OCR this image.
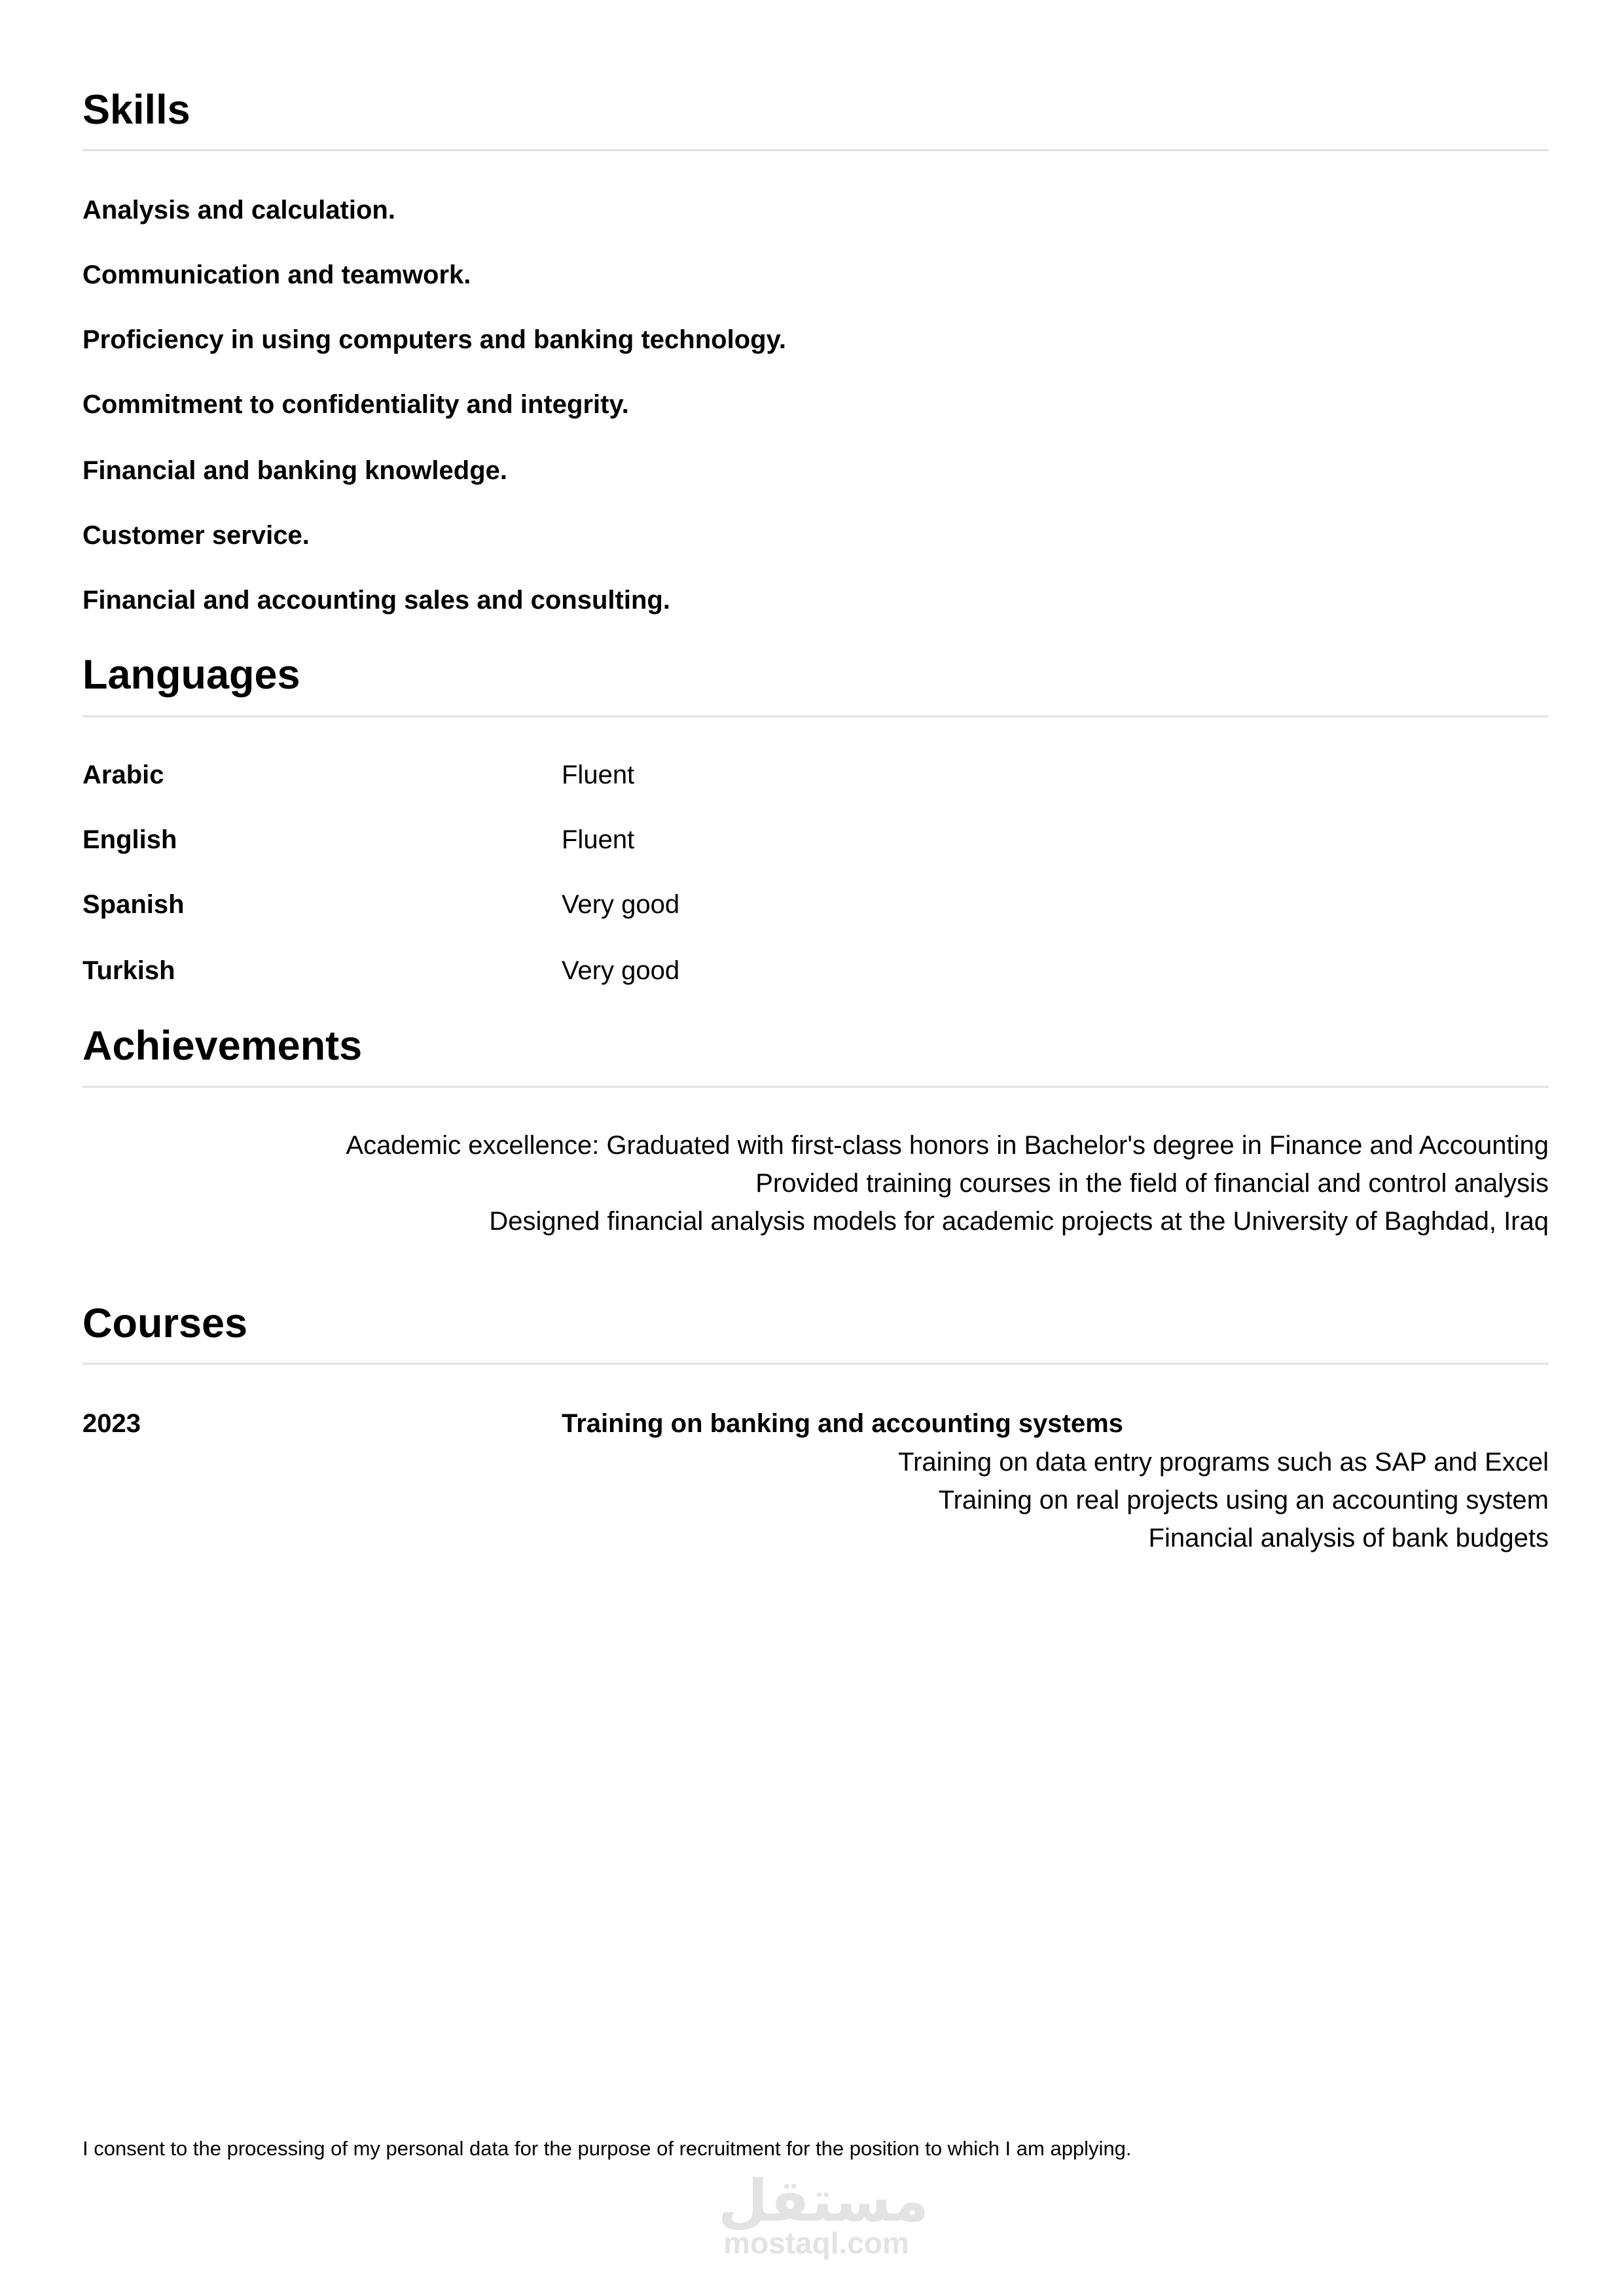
Skills
Analysis and calculation.
Communication and teamwork.
Proficiency in using computers and banking technology.
Commitment to confidentiality and integrity.
Financial and banking knowledge.
Customer service.
Financial and accounting sales and consulting.
Languages
Arabic	Fluent
English	Fluent
Spanish	Very good
Turkish	Very good
Achievements
Academic excellence: Graduated with first-class honors in Bachelor's degree in Finance and Accounting
Provided training courses in the field of financial and control analysis
Designed financial analysis models for academic projects at the University of Baghdad, Iraq
Courses
2023	Training on banking and accounting systems
Training on data entry programs such as SAP and Excel
Training on real projects using an accounting system
Financial analysis of bank budgets
I consent to the processing of my personal data for the purpose of recruitment for the position to which I am applying.
مستقل
mostaql.com
